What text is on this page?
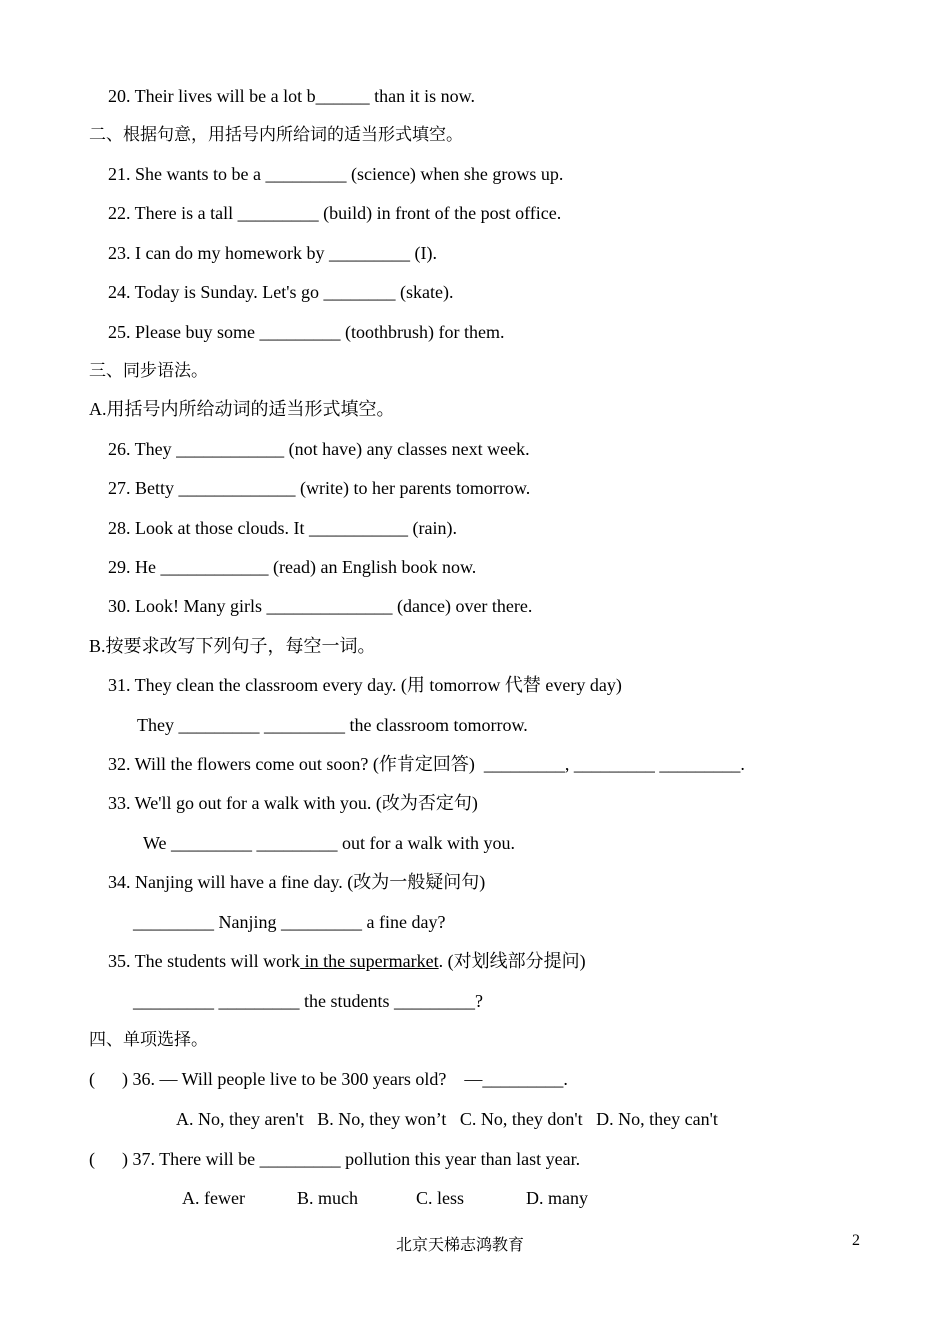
20. Their lives will be a lot b______ than it is now.
二、根据句意，用括号内所给词的适当形式填空。
21. She wants to be a _________ (science) when she grows up.
22. There is a tall _________ (build) in front of the post office.
23. I can do my homework by _________ (I).
24. Today is Sunday. Let's go ________ (skate).
25. Please buy some _________ (toothbrush) for them.
三、同步语法。
A.用括号内所给动词的适当形式填空。
26. They ____________ (not have) any classes next week.
27. Betty _____________ (write) to her parents tomorrow.
28. Look at those clouds. It ___________ (rain).
29. He ____________ (read) an English book now.
30. Look! Many girls ______________ (dance) over there.
B.按要求改写下列句子，每空一词。
31. They clean the classroom every day. (用 tomorrow 代替 every day)
They _________ _________ the classroom tomorrow.
32. Will the flowers come out soon? (作肯定回答)  _________, _________ _________.
33. We'll go out for a walk with you. (改为否定句)
We _________ _________ out for a walk with you.
34. Nanjing will have a fine day. (改为一般疑问句)
_________ Nanjing _________ a fine day?
35. The students will work in the supermarket. (对划线部分提问)
_________ _________ the students _________?
四、单项选择。
(      ) 36. — Will people live to be 300 years old?    —_________.
A. No, they aren't   B. No, they won’t   C. No, they don't   D. No, they can't
(      ) 37. There will be _________ pollution this year than last year.
A. fewer	B. much	C. less	D. many
北京天梯志鸿教育	2
